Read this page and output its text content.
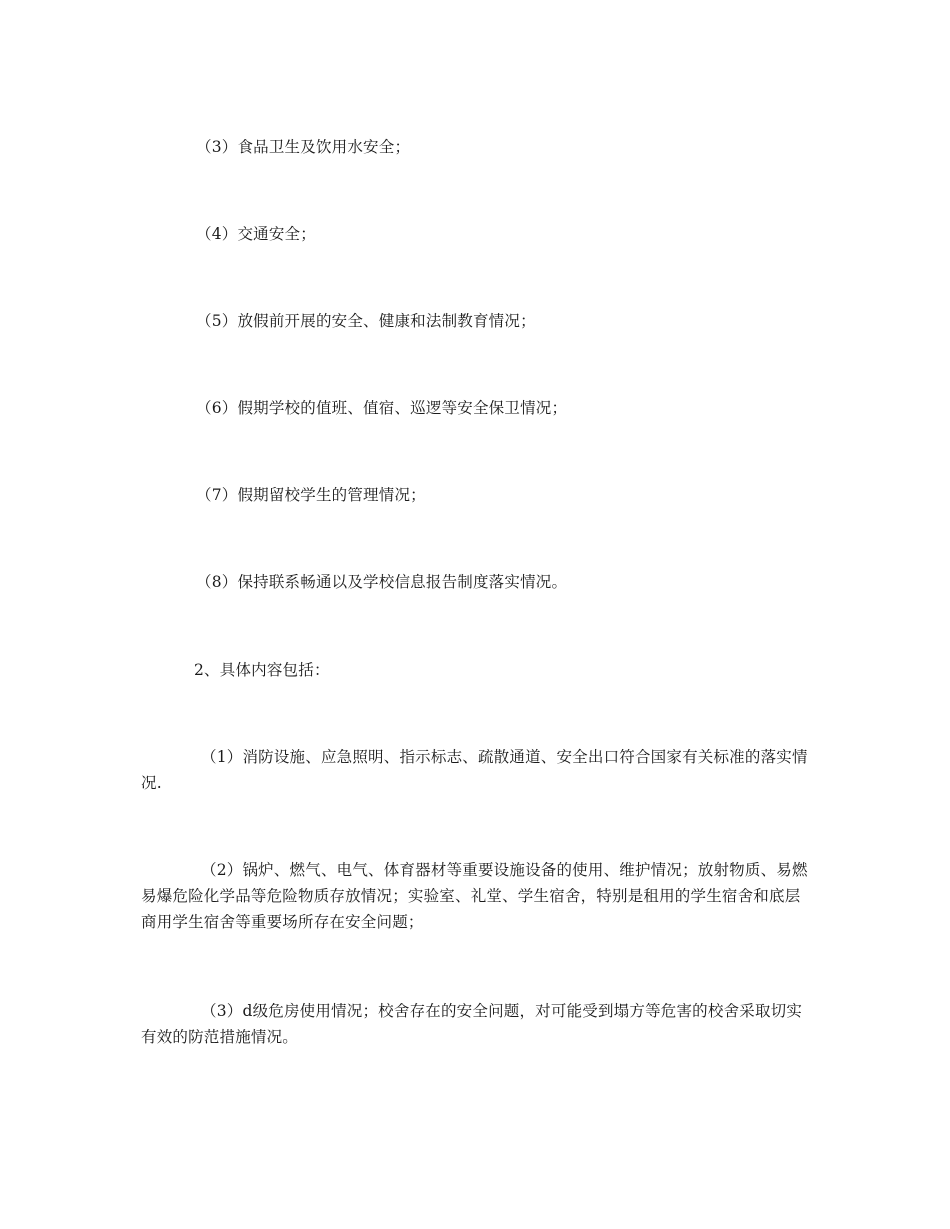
（3）食品卫生及饮用水安全；
（4）交通安全；
（5）放假前开展的安全、健康和法制教育情况；
（6）假期学校的值班、值宿、巡逻等安全保卫情况；
（7）假期留校学生的管理情况；
（8）保持联系畅通以及学校信息报告制度落实情况。
2、具体内容包括：

（1）消防设施、应急照明、指示标志、疏散通道、安全出口符合国家有关标准的落实情况.

（2）锅炉、燃气、电气、体育器材等重要设施设备的使用、维护情况；放射物质、易燃易爆危险化学品等危险物质存放情况；实验室、礼堂、学生宿舍，特别是租用的学生宿舍和底层商用学生宿舍等重要场所存在安全问题；

（3）d级危房使用情况；校舍存在的安全问题，对可能受到塌方等危害的校舍采取切实有效的防范措施情况。
